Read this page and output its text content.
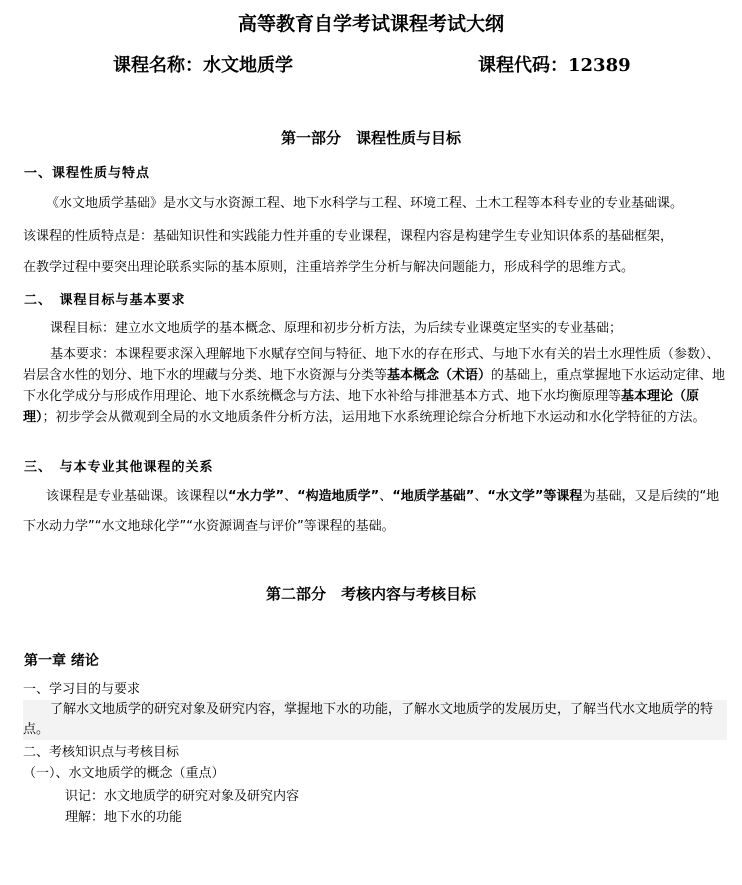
高等教育自学考试课程考试大纲
课程名称：水文地质学	课程代码：12389
第一部分　课程性质与目标
一、课程性质与特点
《水文地质学基础》是水文与水资源工程、地下水科学与工程、环境工程、土木工程等本科专业的专业基础课。
该课程的性质特点是：基础知识性和实践能力性并重的专业课程，课程内容是构建学生专业知识体系的基础框架，
在教学过程中要突出理论联系实际的基本原则，注重培养学生分析与解决问题能力，形成科学的思维方式。
二、　课程目标与基本要求
课程目标：建立水文地质学的基本概念、原理和初步分析方法，为后续专业课奠定坚实的专业基础；
基本要求：本课程要求深入理解地下水赋存空间与特征、地下水的存在形式、与地下水有关的岩土水理性质（参数）、岩层含水性的划分、地下水的埋藏与分类、地下水资源与分类等基本概念（术语）的基础上，重点掌握地下水运动定律、地下水化学成分与形成作用理论、地下水系统概念与方法、地下水补给与排泄基本方式、地下水均衡原理等基本理论（原理）；初步学会从微观到全局的水文地质条件分析方法，运用地下水系统理论综合分析地下水运动和水化学特征的方法。
三、　与本专业其他课程的关系
该课程是专业基础课。该课程以“水力学”、“构造地质学”、“地质学基础”、“水文学”等课程为基础，又是后续的“地
下水动力学”“水文地球化学”“水资源调查与评价”等课程的基础。
第二部分　考核内容与考核目标
第一章 绪论
一、学习目的与要求
了解水文地质学的研究对象及研究内容，掌握地下水的功能，了解水文地质学的发展历史，了解当代水文地质学的特点。
二、考核知识点与考核目标
（一）、水文地质学的概念（重点）
识记：水文地质学的研究对象及研究内容
理解：地下水的功能
